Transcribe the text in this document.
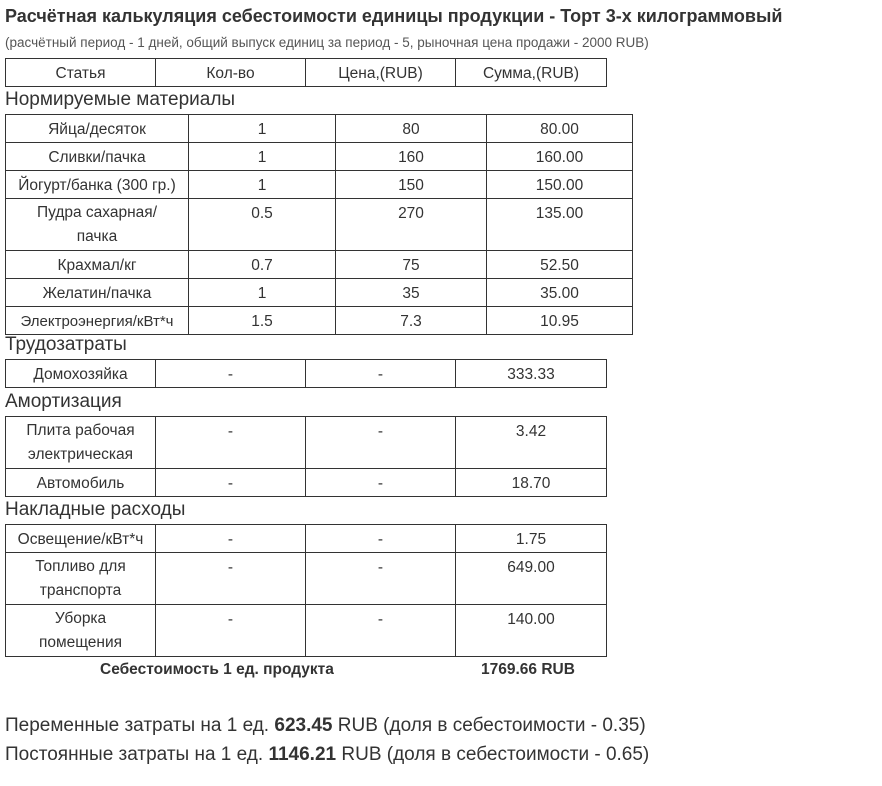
Расчётная калькуляция себестоимости единицы продукции - Торт 3-х килограммовый
(расчётный период - 1 дней, общий выпуск единиц за период - 5, рыночная цена продажи - 2000 RUB)
Статья	Кол-во	Цена,(RUB)	Сумма,(RUB)
Нормируемые материалы
Яйца/десяток	1	80	80.00
Сливки/пачка	1	160	160.00
Йогурт/банка (300 гр.)	1	150	150.00
Пудра сахарная/пачка	0.5	270	135.00
Крахмал/кг	0.7	75	52.50
Желатин/пачка	1	35	35.00
Электроэнергия/кВт*ч	1.5	7.3	10.95
Трудозатраты
Домохозяйка	-	-	333.33
Амортизация
Плита рабочая электрическая	-	-	3.42
Автомобиль	-	-	18.70
Накладные расходы
Освещение/кВт*ч	-	-	1.75
Топливо для транспорта	-	-	649.00
Уборка помещения	-	-	140.00
Себестоимость 1 ед. продукта	1769.66 RUB
Переменные затраты на 1 ед. 623.45 RUB (доля в себестоимости - 0.35)
Постоянные затраты на 1 ед. 1146.21 RUB (доля в себестоимости - 0.65)
